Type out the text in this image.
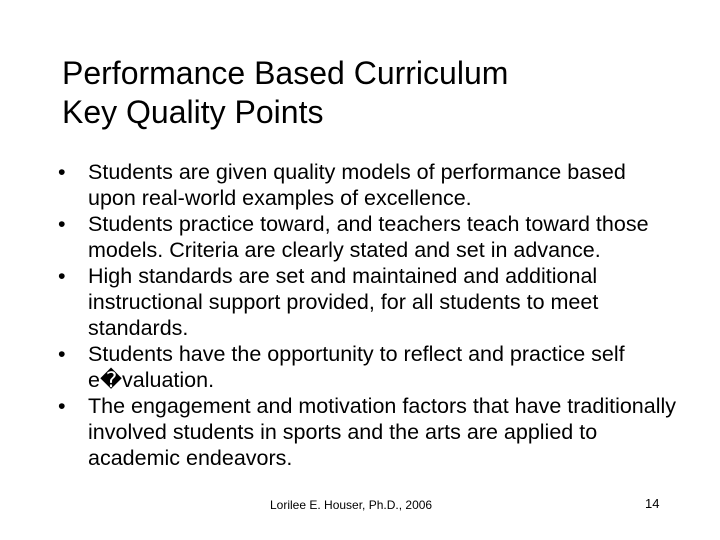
Performance Based Curriculum
Key Quality Points
• Students are given quality models of performance based upon real-world examples of excellence.
• Students practice toward, and teachers teach toward those models. Criteria are clearly stated and set in advance.
• High standards are set and maintained and additional instructional support provided, for all students to meet standards.
• Students have the opportunity to reflect and practice self e�valuation.
• The engagement and motivation factors that have traditionally involved students in sports and the arts are applied to academic endeavors.
Lorilee E. Houser, Ph.D., 2006	14
